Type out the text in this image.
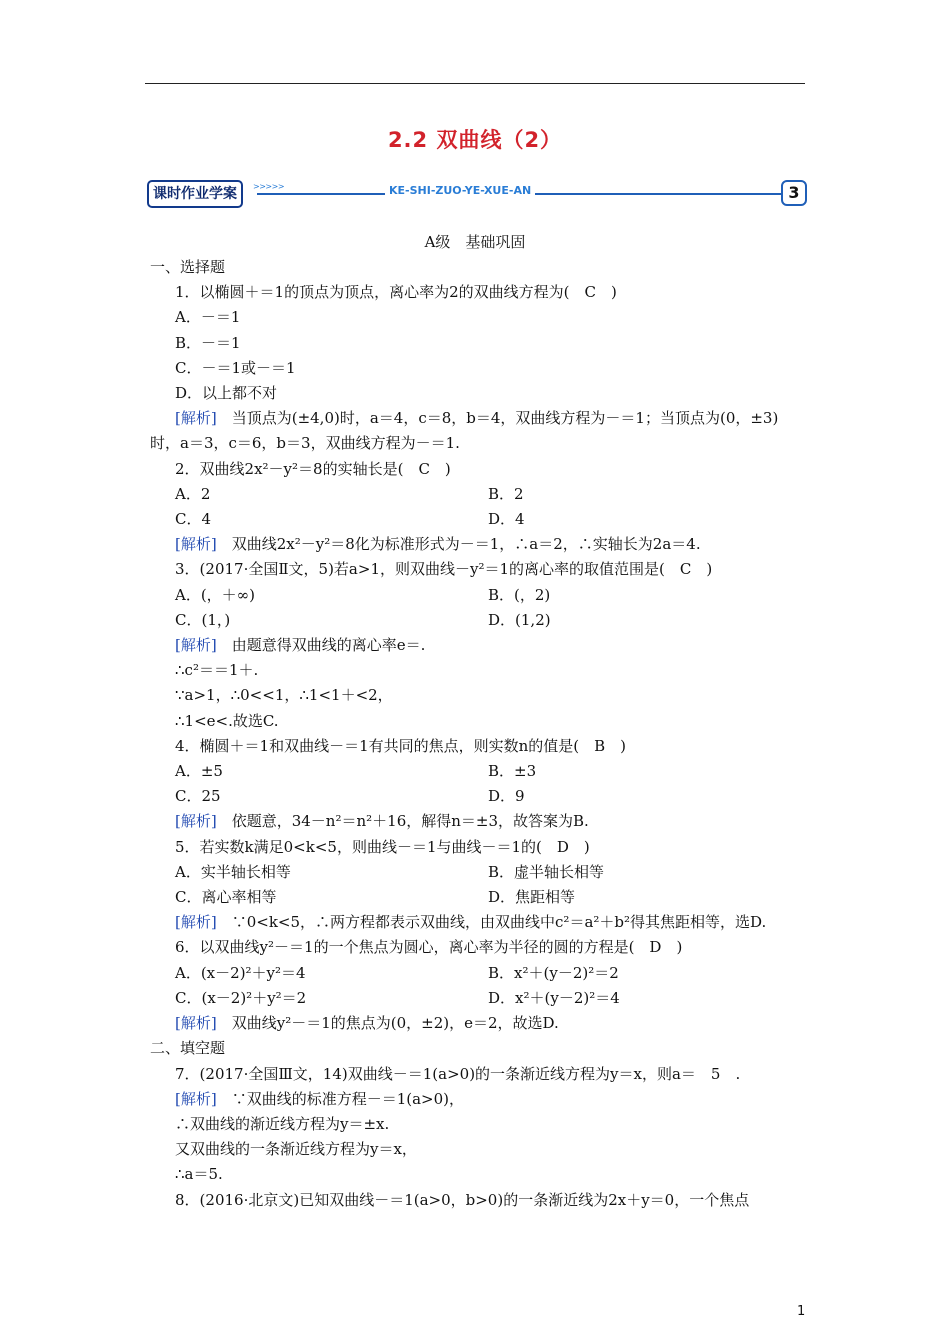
2.2 双曲线（2）
课时作业学案	>>>>>	KE-SHI-ZUO-YE-XUE-AN	3
A级　基础巩固

一、选择题

1．以椭圆＋＝1的顶点为顶点，离心率为2的双曲线方程为(　C　)

A．－＝1

B．－＝1

C．－＝1或－＝1

D．以上都不对

[解析]　当顶点为(±4,0)时，a＝4，c＝8，b＝4，双曲线方程为－＝1；当顶点为(0，±3)

时，a＝3，c＝6，b＝3，双曲线方程为－＝1.

2．双曲线2x²－y²＝8的实轴长是(　C　)

A．2	B．2
C．4	D．4

[解析]　双曲线2x²－y²＝8化为标准形式为－＝1，∴a＝2，∴实轴长为2a＝4.

3．(2017·全国Ⅱ文，5)若a>1，则双曲线－y²＝1的离心率的取值范围是(　C　)

A．(，＋∞)	B．(，2)
C．(1，)	D．(1,2)

[解析]　由题意得双曲线的离心率e＝.

∴c²＝＝1＋.

∵a>1，∴0<<1，∴1<1＋<2，

∴1<e<.故选C.

4．椭圆＋＝1和双曲线－＝1有共同的焦点，则实数n的值是(　B　)

A．±5	B．±3
C．25	D．9

[解析]　依题意，34－n²＝n²＋16，解得n＝±3，故答案为B.

5．若实数k满足0<k<5，则曲线－＝1与曲线－＝1的(　D　)

A．实半轴长相等	B．虚半轴长相等
C．离心率相等	D．焦距相等

[解析]　∵0<k<5，∴两方程都表示双曲线，由双曲线中c²＝a²＋b²得其焦距相等，选D.

6．以双曲线y²－＝1的一个焦点为圆心，离心率为半径的圆的方程是(　D　)

A．(x－2)²＋y²＝4	B．x²＋(y－2)²＝2
C．(x－2)²＋y²＝2	D．x²＋(y－2)²＝4

[解析]　双曲线y²－＝1的焦点为(0，±2)，e＝2，故选D.

二、填空题

7．(2017·全国Ⅲ文，14)双曲线－＝1(a>0)的一条渐近线方程为y＝x，则a＝　5　.

[解析]　∵双曲线的标准方程－＝1(a>0)，

∴双曲线的渐近线方程为y＝±x.

又双曲线的一条渐近线方程为y＝x，

∴a＝5.

8．(2016·北京文)已知双曲线－＝1(a>0，b>0)的一条渐近线为2x＋y＝0，一个焦点

1
